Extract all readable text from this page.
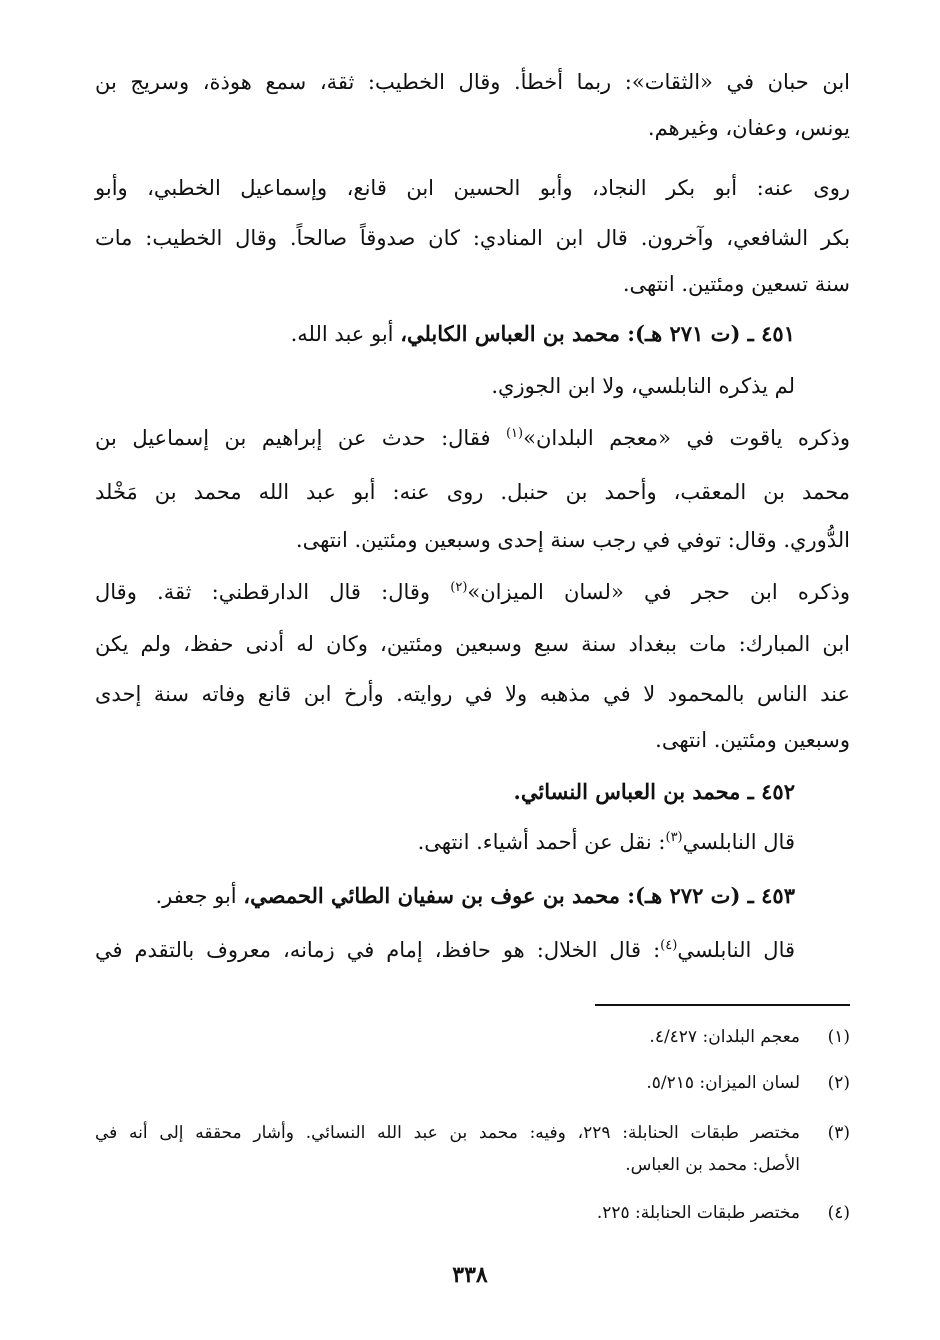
ابن حبان في «الثقات»: ربما أخطأ. وقال الخطيب: ثقة، سمع هوذة، وسريج بن
يونس، وعفان، وغيرهم.
روى عنه: أبو بكر النجاد، وأبو الحسين ابن قانع، وإسماعيل الخطبي، وأبو
بكر الشافعي، وآخرون. قال ابن المنادي: كان صدوقاً صالحاً. وقال الخطيب: مات
سنة تسعين ومئتين. انتهى.
٤٥١ ـ (ت ٢٧١ هـ): محمد بن العباس الكابلي، أبو عبد الله.
لم يذكره النابلسي، ولا ابن الجوزي.
وذكره ياقوت في «معجم البلدان»$^{(١)}$ فقال: حدث عن إبراهيم بن إسماعيل بن
محمد بن المعقب، وأحمد بن حنبل. روى عنه: أبو عبد الله محمد بن مَخْلد
الدُّوري. وقال: توفي في رجب سنة إحدى وسبعين ومئتين. انتهى.
وذكره ابن حجر في «لسان الميزان»$^{(٢)}$ وقال: قال الدارقطني: ثقة. وقال
ابن المبارك: مات ببغداد سنة سبع وسبعين ومئتين، وكان له أدنى حفظ، ولم يكن
عند الناس بالمحمود لا في مذهبه ولا في روايته. وأرخ ابن قانع وفاته سنة إحدى
وسبعين ومئتين. انتهى.
٤٥٢ ـ محمد بن العباس النسائي.
قال النابلسي$^{(٣)}$: نقل عن أحمد أشياء. انتهى.
٤٥٣ ـ (ت ٢٧٢ هـ): محمد بن عوف بن سفيان الطائي الحمصي، أبو جعفر.
قال النابلسي$^{(٤)}$: قال الخلال: هو حافظ، إمام في زمانه، معروف بالتقدم في
(١)
معجم البلدان: ٤/٤٢٧.
(٢)
لسان الميزان: ٥/٢١٥.
(٣)
مختصر طبقات الحنابلة: ٢٢٩، وفيه: محمد بن عبد الله النسائي. وأشار محققه إلى أنه في
الأصل: محمد بن العباس.
(٤)
مختصر طبقات الحنابلة: ٢٢٥.
٣٣٨
